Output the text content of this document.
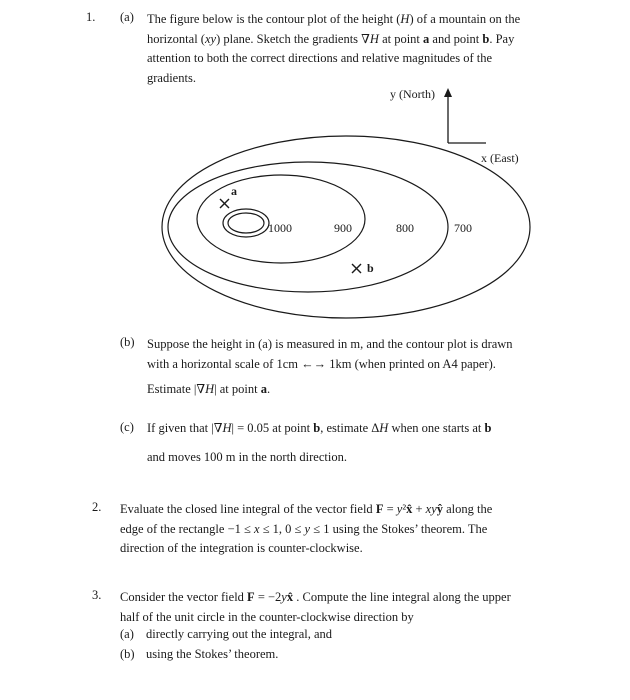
1. (a) The figure below is the contour plot of the height (H) of a mountain on the
horizontal (xy) plane. Sketch the gradients ∇H at point a and point b. Pay
attention to both the correct directions and relative magnitudes of the
gradients.
y (North)
x (East)
1000	900	800	700
a
b
(b) Suppose the height in (a) is measured in m, and the contour plot is drawn
with a horizontal scale of 1cm ←→ 1km (when printed on A4 paper).
Estimate |∇H| at point a.
(c) If given that |∇H| = 0.05 at point b, estimate ΔH when one starts at b
and moves 100 m in the north direction.
2. Evaluate the closed line integral of the vector field F = y²x̂ + xyŷ along the
edge of the rectangle −1 ≤ x ≤ 1, 0 ≤ y ≤ 1 using the Stokes’ theorem. The
direction of the integration is counter-clockwise.
3. Consider the vector field F = −2yx̂ . Compute the line integral along the upper
half of the unit circle in the counter-clockwise direction by
(a) directly carrying out the integral, and
(b) using the Stokes’ theorem.
